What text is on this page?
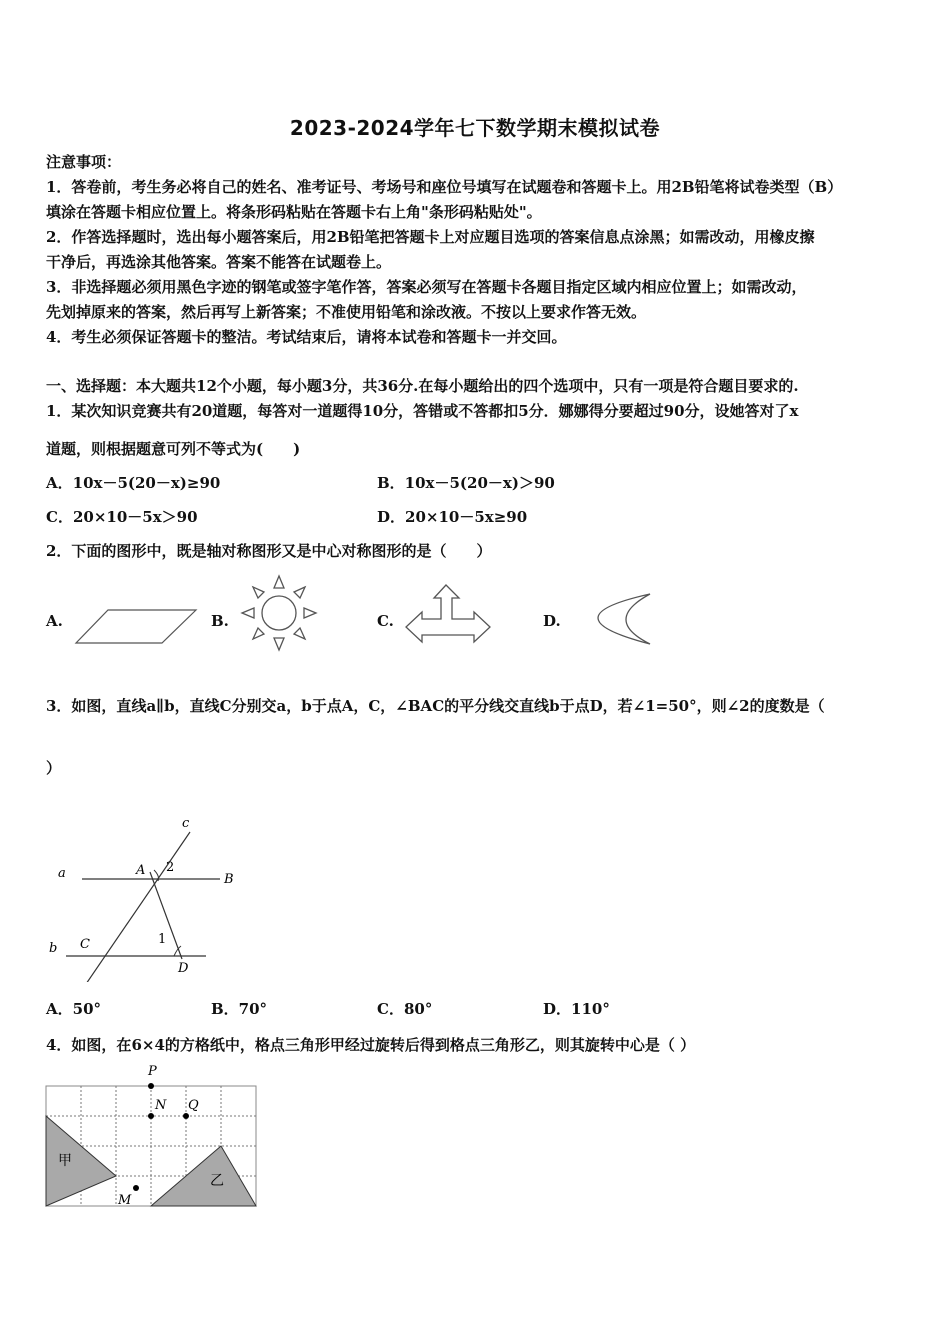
2023-2024学年七下数学期末模拟试卷
注意事项：
1．答卷前，考生务必将自己的姓名、准考证号、考场号和座位号填写在试题卷和答题卡上。用2B铅笔将试卷类型（B）
填涂在答题卡相应位置上。将条形码粘贴在答题卡右上角"条形码粘贴处"。
2．作答选择题时，选出每小题答案后，用2B铅笔把答题卡上对应题目选项的答案信息点涂黑；如需改动，用橡皮擦
干净后，再选涂其他答案。答案不能答在试题卷上。
3．非选择题必须用黑色字迹的钢笔或签字笔作答，答案必须写在答题卡各题目指定区域内相应位置上；如需改动，
先划掉原来的答案，然后再写上新答案；不准使用铅笔和涂改液。不按以上要求作答无效。
4．考生必须保证答题卡的整洁。考试结束后，请将本试卷和答题卡一并交回。
一、选择题：本大题共12个小题，每小题3分，共36分.在每小题给出的四个选项中，只有一项是符合题目要求的.
1．某次知识竞赛共有20道题，每答对一道题得10分，答错或不答都扣5分．娜娜得分要超过90分，设她答对了x
道题，则根据题意可列不等式为(　　)
A．10x－5(20－x)≥90	B．10x－5(20－x)＞90
C．20×10－5x＞90	D．20×10－5x≥90
2．下面的图形中，既是轴对称图形又是中心对称图形的是（　　）
A.	B.	C.	D.
3．如图，直线a∥b，直线C分别交a，b于点A，C，∠BAC的平分线交直线b于点D，若∠1=50°，则∠2的度数是（
）
c
a	A 2
B
b C	1
D
A．50°	B．70°	C．80°	D．110°
4．如图，在6×4的方格纸中，格点三角形甲经过旋转后得到格点三角形乙，则其旋转中心是（ ）
P
N Q
甲
乙
M
